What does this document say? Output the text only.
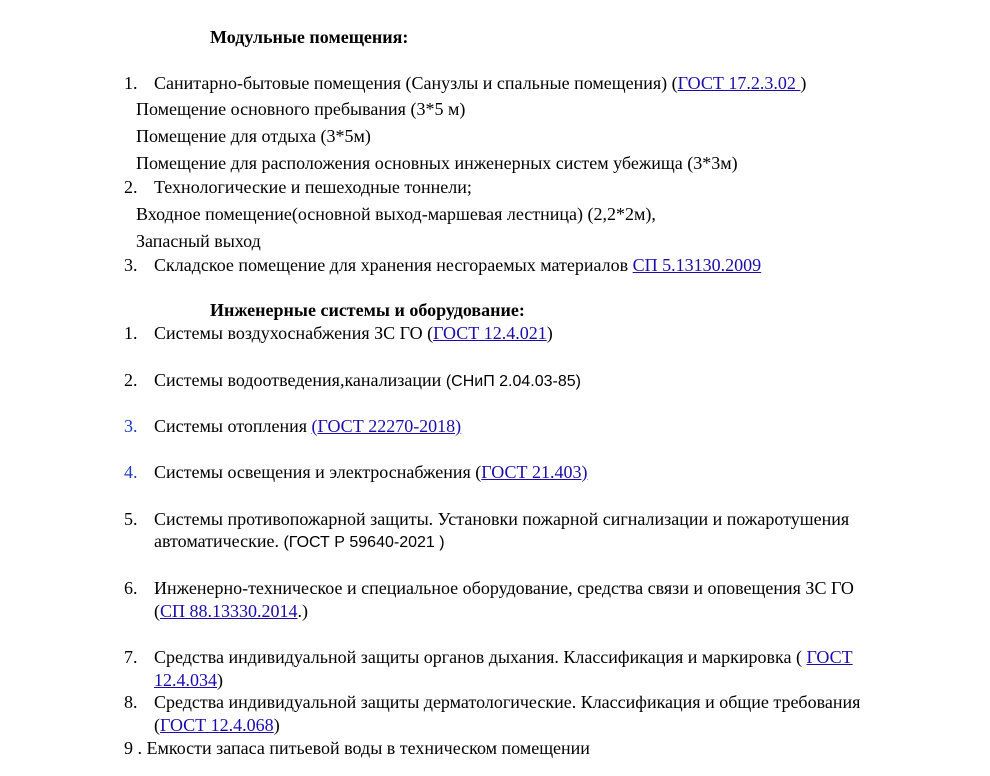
Модульные помещения:
1. Санитарно-бытовые помещения (Санузлы и спальные помещения) (ГОСТ 17.2.3.02 )
Помещение основного пребывания (3*5 м)
Помещение для отдыха (3*5м)
Помещение для расположения основных инженерных систем убежища (3*3м)
2. Технологические и пешеходные тоннели;
Входное помещение(основной выход-маршевая лестница) (2,2*2м),
Запасный выход
3. Складское помещение для хранения несгораемых материалов СП 5.13130.2009
Инженерные системы и оборудование:
1. Системы воздухоснабжения ЗС ГО (ГОСТ 12.4.021)
2. Системы водоотведения,канализации (СНиП 2.04.03-85)
3. Системы отопления (ГОСТ 22270-2018)
4. Системы освещения и электроснабжения (ГОСТ 21.403)
5. Системы противопожарной защиты. Установки пожарной сигнализации и пожаротушения
автоматические. (ГОСТ Р 59640-2021 )
6. Инженерно-техническое и специальное оборудование, средства связи и оповещения ЗС ГО
(СП 88.13330.2014.)
7. Средства индивидуальной защиты органов дыхания. Классификация и маркировка ( ГОСТ
12.4.034)
8. Средства индивидуальной защиты дерматологические. Классификация и общие требования
(ГОСТ 12.4.068)
9 . Емкости запаса питьевой воды в техническом помещении
